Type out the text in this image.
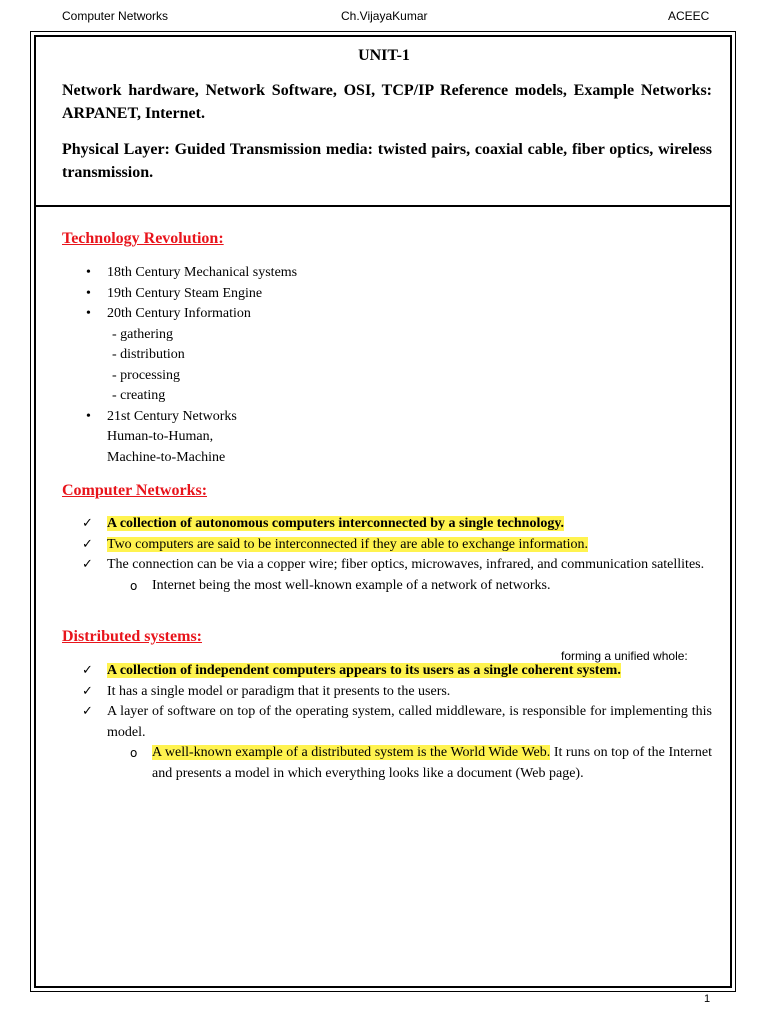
Computer Networks	Ch.VijayaKumar	ACEEC
UNIT-1
Network hardware, Network Software, OSI, TCP/IP Reference models, Example Networks: ARPANET, Internet.
Physical Layer: Guided Transmission media: twisted pairs, coaxial cable, fiber optics, wireless transmission.
Technology Revolution:
• 18th Century Mechanical systems
• 19th Century Steam Engine
• 20th Century Information
- gathering
- distribution
- processing
- creating
• 21st Century Networks
Human-to-Human,
Machine-to-Machine
Computer Networks:
✓ A collection of autonomous computers interconnected by a single technology.
✓ Two computers are said to be interconnected if they are able to exchange information.
✓ The connection can be via a copper wire; fiber optics, microwaves, infrared, and communication satellites.
o Internet being the most well-known example of a network of networks.
Distributed systems:
forming a unified whole:
✓ A collection of independent computers appears to its users as a single coherent system.
✓ It has a single model or paradigm that it presents to the users.
✓ A layer of software on top of the operating system, called middleware, is responsible for implementing this model.
o A well-known example of a distributed system is the World Wide Web. It runs on top of the Internet and presents a model in which everything looks like a document (Web page).
1
